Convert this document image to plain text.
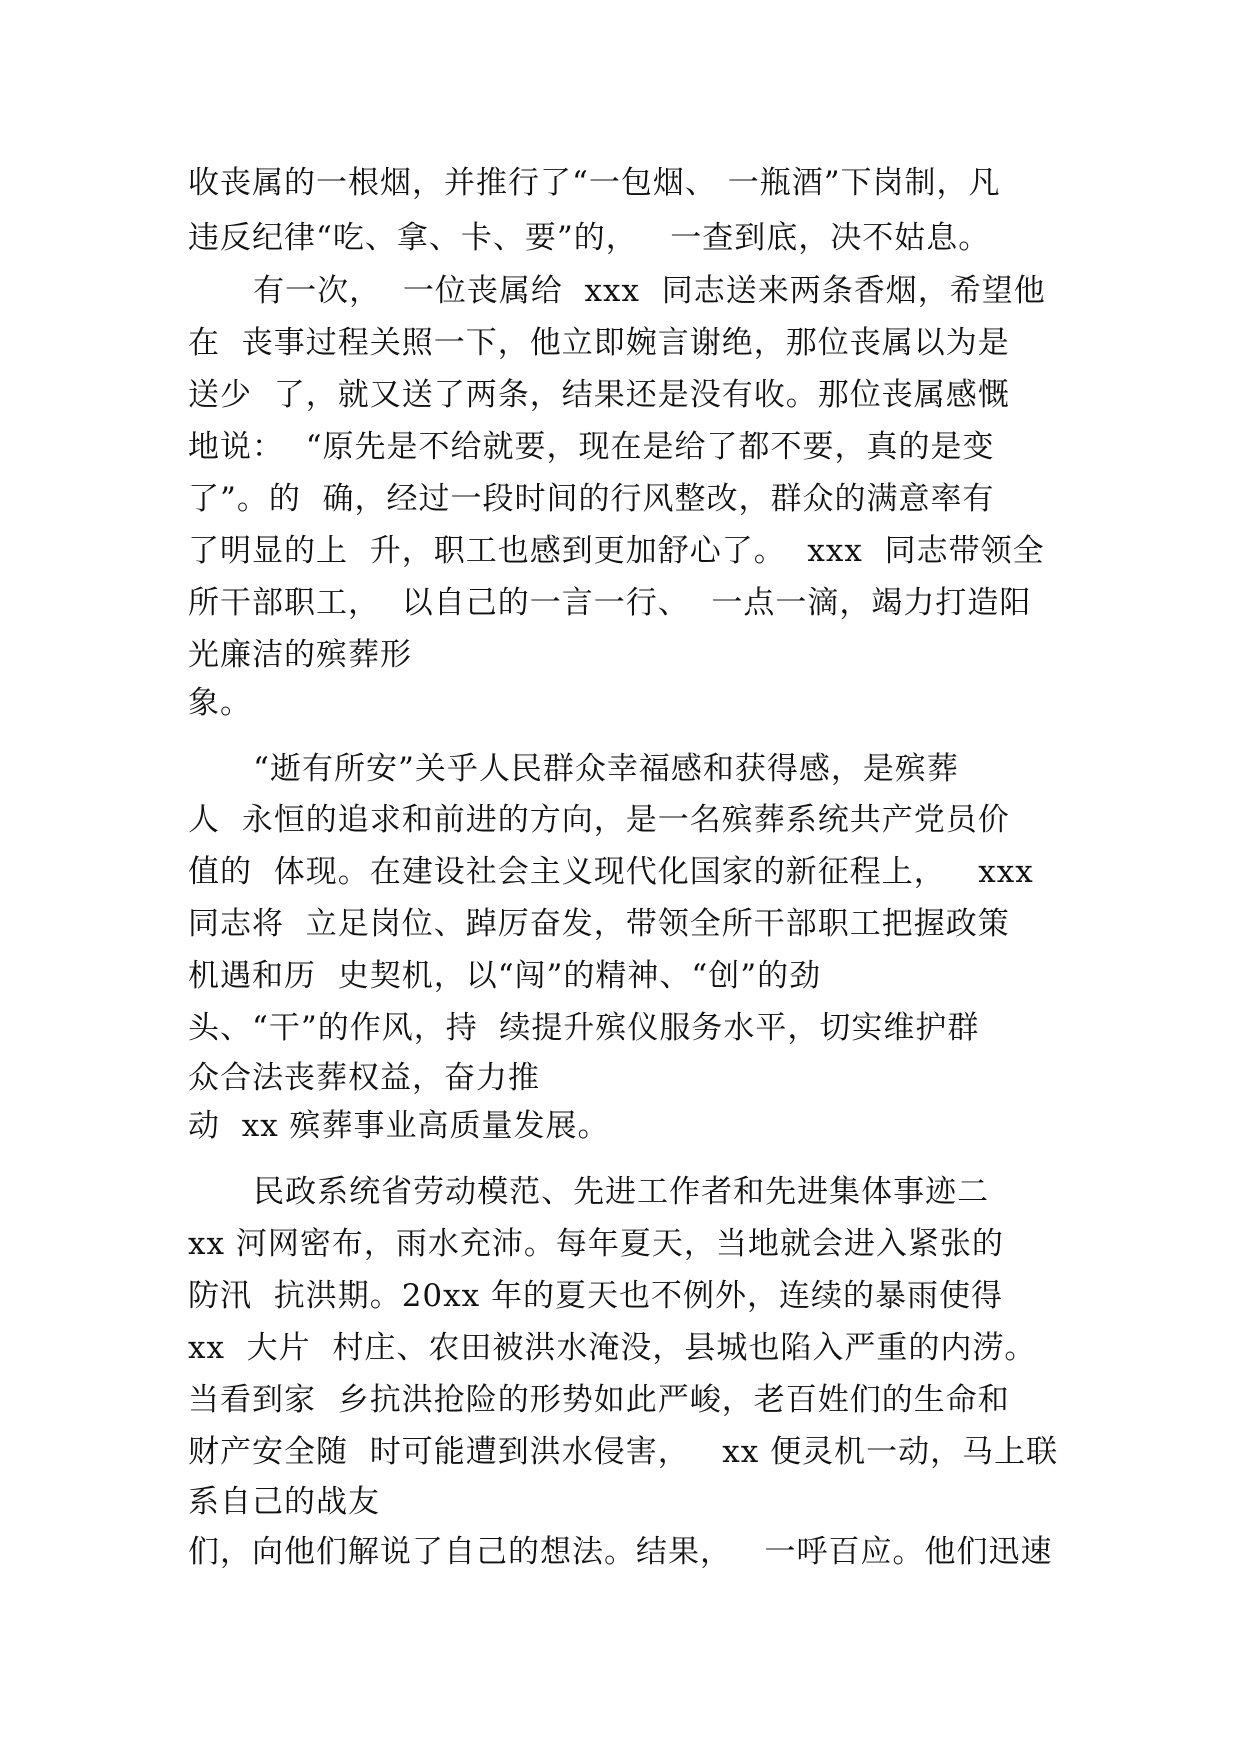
收丧属的一根烟，并推行了“一包烟、 一瓶酒”下岗制，凡
违反纪律“吃、拿、卡、要”的，   一查到底，决不姑息。
有一次，  一位丧属给  xxx  同志送来两条香烟，希望他
在  丧事过程关照一下，他立即婉言谢绝，那位丧属以为是
送少  了，就又送了两条，结果还是没有收。那位丧属感慨
地说：  “原先是不给就要，现在是给了都不要，真的是变
了”。的  确，经过一段时间的行风整改，群众的满意率有
了明显的上  升，职工也感到更加舒心了。  xxx  同志带领全
所干部职工，  以自己的一言一行、  一点一滴，竭力打造阳
光廉洁的殡葬形
象。
“逝有所安”关乎人民群众幸福感和获得感，是殡葬
人  永恒的追求和前进的方向，是一名殡葬系统共产党员价
值的  体现。在建设社会主义现代化国家的新征程上，   xxx
同志将  立足岗位、踔厉奋发，带领全所干部职工把握政策
机遇和历  史契机，以“闯”的精神、“创”的劲
头、“干”的作风，持  续提升殡仪服务水平，切实维护群
众合法丧葬权益，奋力推
动  xx 殡葬事业高质量发展。
民政系统省劳动模范、先进工作者和先进集体事迹二
xx 河网密布，雨水充沛。每年夏天，当地就会进入紧张的
防汛  抗洪期。20xx 年的夏天也不例外，连续的暴雨使得
xx  大片  村庄、农田被洪水淹没，县城也陷入严重的内涝。
当看到家  乡抗洪抢险的形势如此严峻，老百姓们的生命和
财产安全随  时可能遭到洪水侵害，   xx 便灵机一动，马上联
系自己的战友
们，向他们解说了自己的想法。结果，   一呼百应。他们迅速
